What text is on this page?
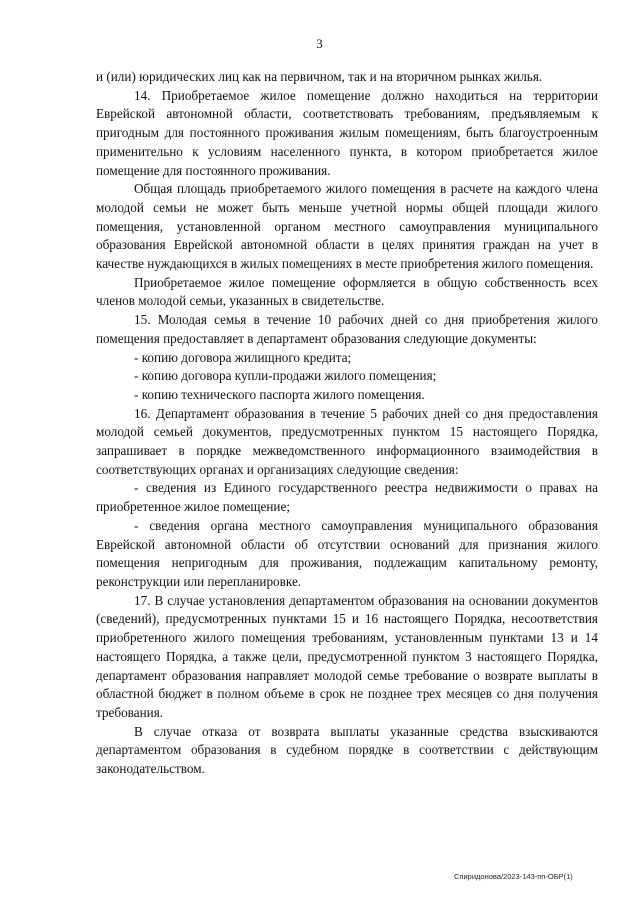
3

и (или) юридических лиц как на первичном, так и на вторичном рынках жилья.

14. Приобретаемое жилое помещение должно находиться на территории Еврейской автономной области, соответствовать требованиям, предъявляемым к пригодным для постоянного проживания жилым помещениям, быть благоустроенным применительно к условиям населенного пункта, в котором приобретается жилое помещение для постоянного проживания.

Общая площадь приобретаемого жилого помещения в расчете на каждого члена молодой семьи не может быть меньше учетной нормы общей площади жилого помещения, установленной органом местного самоуправления муниципального образования Еврейской автономной области в целях принятия граждан на учет в качестве нуждающихся в жилых помещениях в месте приобретения жилого помещения.

Приобретаемое жилое помещение оформляется в общую собственность всех членов молодой семьи, указанных в свидетельстве.

15. Молодая семья в течение 10 рабочих дней со дня приобретения жилого помещения предоставляет в департамент образования следующие документы:

- копию договора жилищного кредита;

- копию договора купли-продажи жилого помещения;

- копию технического паспорта жилого помещения.

16. Департамент образования в течение 5 рабочих дней со дня предоставления молодой семьей документов, предусмотренных пунктом 15 настоящего Порядка, запрашивает в порядке межведомственного информационного взаимодействия в соответствующих органах и организациях следующие сведения:

- сведения из Единого государственного реестра недвижимости о правах на приобретенное жилое помещение;

- сведения органа местного самоуправления муниципального образования Еврейской автономной области об отсутствии оснований для признания жилого помещения непригодным для проживания, подлежащим капитальному ремонту, реконструкции или перепланировке.

17. В случае установления департаментом образования на основании документов (сведений), предусмотренных пунктами 15 и 16 настоящего Порядка, несоответствия приобретенного жилого помещения требованиям, установленным пунктами 13 и 14 настоящего Порядка, а также цели, предусмотренной пунктом 3 настоящего Порядка, департамент образования направляет молодой семье требование о возврате выплаты в областной бюджет в полном объеме в срок не позднее трех месяцев со дня получения требования.

В случае отказа от возврата выплаты указанные средства взыскиваются департаментом образования в судебном порядке в соответствии с действующим законодательством.

Спиридонова/2023-143-пп-ОБР(1)
